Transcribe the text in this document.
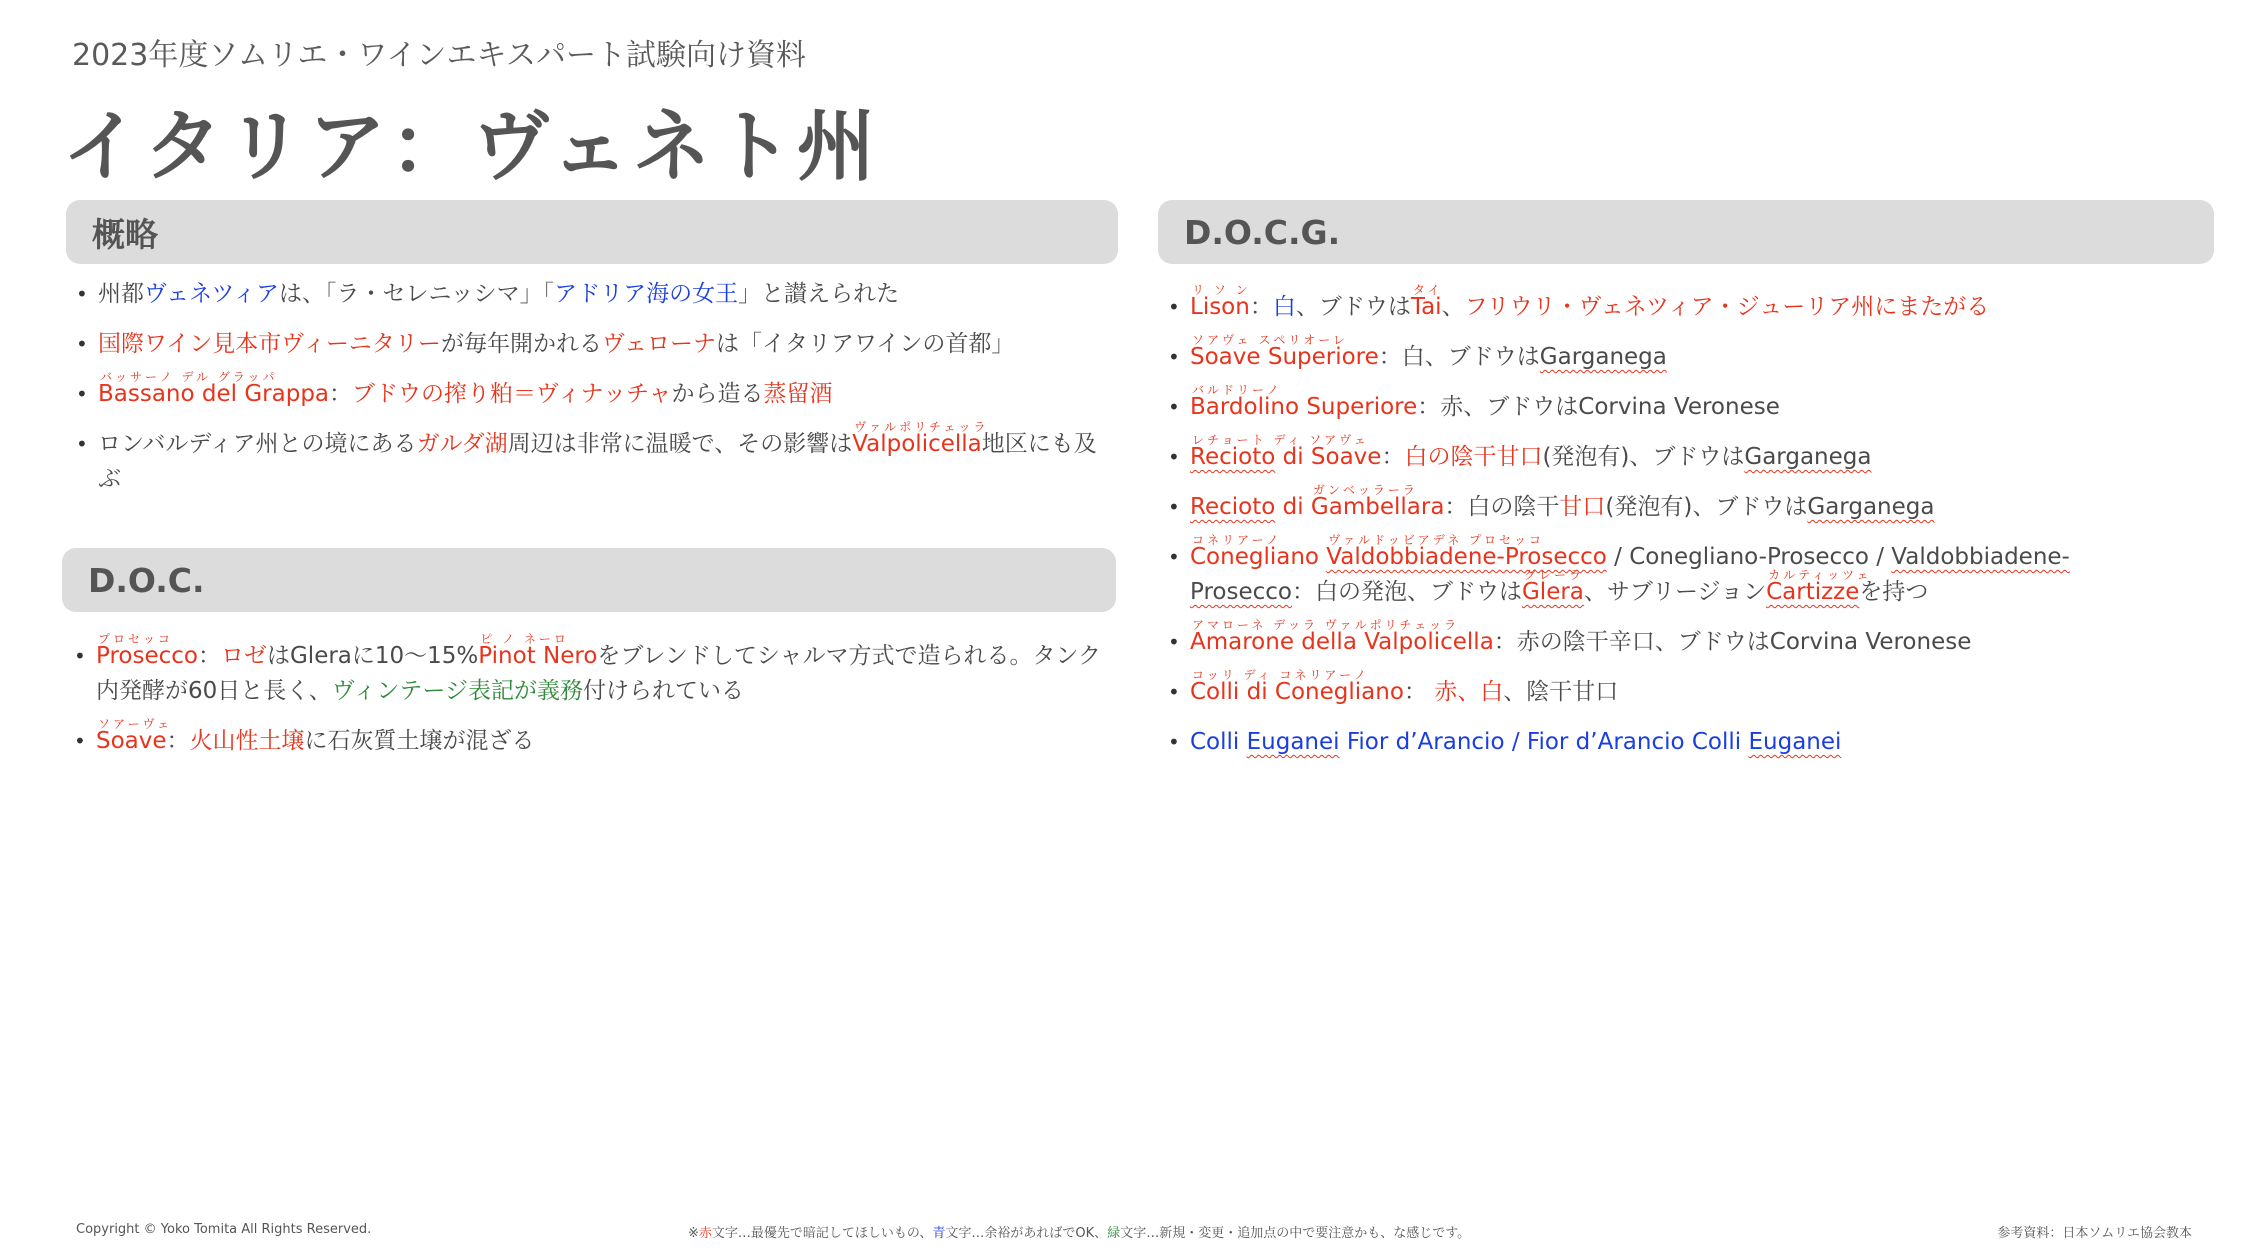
2023年度ソムリエ・ワインエキスパート試験向け資料
イタリア：ヴェネト州
概略
• 州都ヴェネツィアは、「ラ・セレニッシマ」「アドリア海の女王」と讃えられた
• 国際ワイン見本市ヴィーニタリーが毎年開かれるヴェローナは「イタリアワインの首都」
• バッサーノ デル グラッパ
Bassano del Grappa：ブドウの搾り粕＝ヴィナッチャから造る蒸留酒
• ロンバルディア州との境にあるガルダ湖周辺は非常に温暖で、その影響は
ヴァルポリチェッラ
Valpolicella地区にも及ぶ
D.O.C.
• プロセッコ
Prosecco：ロゼはGleraに10〜15%
ピ ノ ネーロ
Pinot Neroをブレンドしてシャルマ方式で造られる。タンク内発酵が60日と長く、ヴィンテージ表記が義務付けられている
• ソアーヴェ
Soave：火山性土壌に石灰質土壌が混ざる
D.O.C.G.
• リ ソ ン
Lison：白、ブドウは
タイ
Tai、フリウリ・ヴェネツィア・ジューリア州にまたがる
• ソアヴェ スペリオーレ
Soave Superiore：白、ブドウはGarganega
• バルドリーノ
Bardolino Superiore：赤、ブドウはCorvina Veronese
• レチョート ディ ソアヴェ
Recioto di Soave：白の陰干甘口(発泡有)、ブドウはGarganega
• Recioto di
ガンベッラーラ
Gambellara：白の陰干甘口(発泡有)、ブドウはGarganega
• コネリアーノ
Conegliano
ヴァルドッビアデネ プロセッコ
Valdobbiadene-Prosecco / Conegliano-Prosecco / Valdobbiadene-Prosecco：白の発泡、ブドウは
グレーラ
Glera、サブリージョン
カルティッツェ
Cartizzeを持つ
• アマローネ デッラ ヴァルポリチェッラ
Amarone della Valpolicella：赤の陰干辛口、ブドウはCorvina Veronese
• コッリ ディ コネリアーノ
Colli di Conegliano： 赤、白、陰干甘口
• Colli Euganei Fior d’Arancio / Fior d’Arancio Colli Euganei
Copyright © Yoko Tomita All Rights Reserved.	※赤文字…最優先で暗記してほしいもの、青文字…余裕があればでOK、緑文字…新規・変更・追加点の中で要注意かも、な感じです。	参考資料：日本ソムリエ協会教本
